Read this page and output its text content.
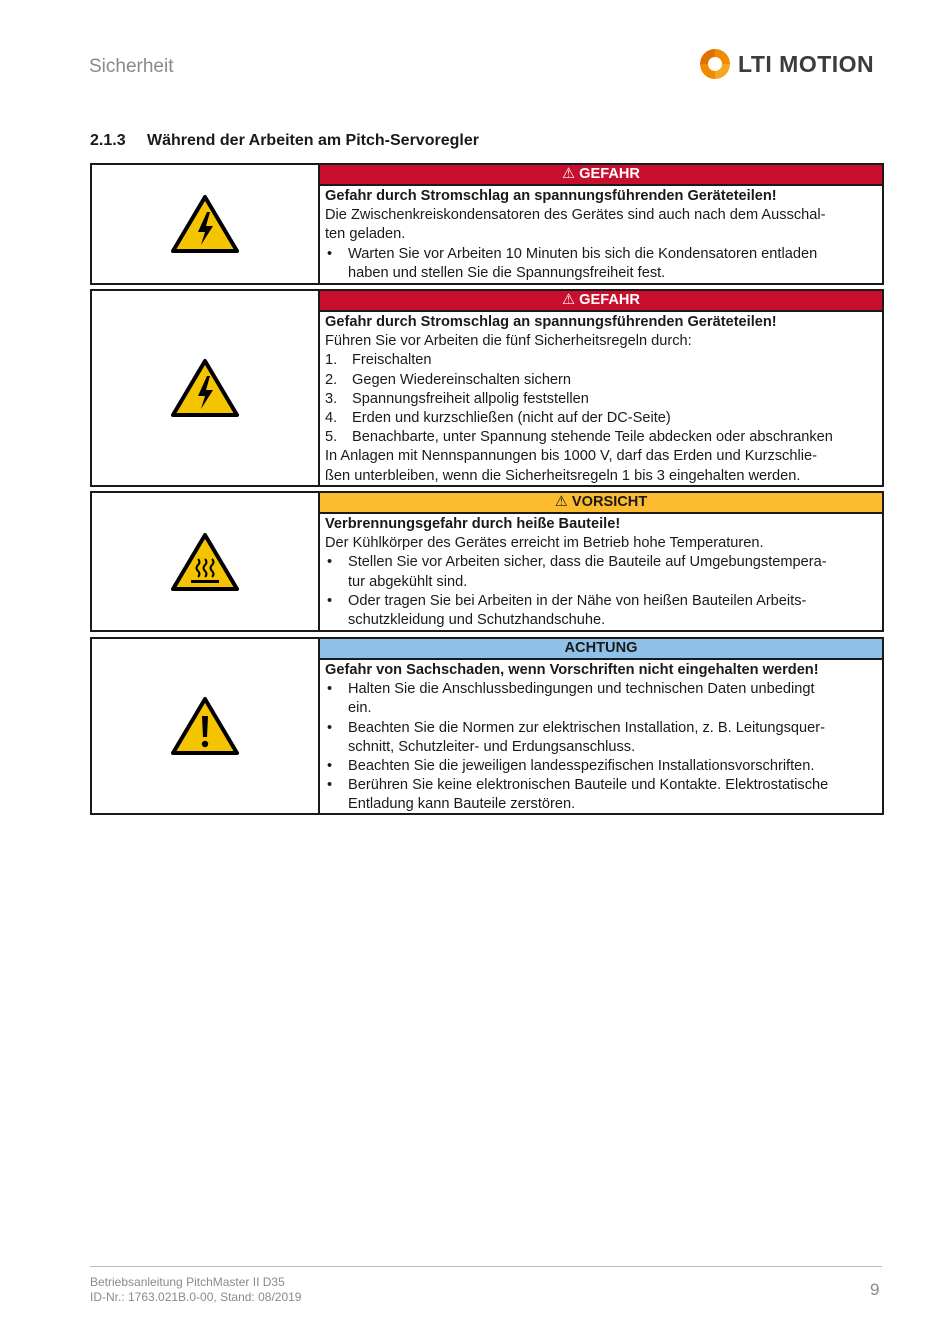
Sicherheit	LTI MOTION
2.1.3 Während der Arbeiten am Pitch-Servoregler
⚠ GEFAHR
Gefahr durch Stromschlag an spannungsführenden Geräteteilen!
Die Zwischenkreiskondensatoren des Gerätes sind auch nach dem Ausschal-
ten geladen.
• Warten Sie vor Arbeiten 10 Minuten bis sich die Kondensatoren entladen
haben und stellen Sie die Spannungsfreiheit fest.
⚠ GEFAHR
Gefahr durch Stromschlag an spannungsführenden Geräteteilen!
Führen Sie vor Arbeiten die fünf Sicherheitsregeln durch:
1.	Freischalten
2.	Gegen Wiedereinschalten sichern
3.	Spannungsfreiheit allpolig feststellen
4.	Erden und kurzschließen (nicht auf der DC-Seite)
5.	Benachbarte, unter Spannung stehende Teile abdecken oder abschranken
In Anlagen mit Nennspannungen bis 1000 V, darf das Erden und Kurzschlie-
ßen unterbleiben, wenn die Sicherheitsregeln 1 bis 3 eingehalten werden.
⚠ VORSICHT
Verbrennungsgefahr durch heiße Bauteile!
Der Kühlkörper des Gerätes erreicht im Betrieb hohe Temperaturen.
• Stellen Sie vor Arbeiten sicher, dass die Bauteile auf Umgebungstempera-
tur abgekühlt sind.
• Oder tragen Sie bei Arbeiten in der Nähe von heißen Bauteilen Arbeits-
schutzkleidung und Schutzhandschuhe.
ACHTUNG
Gefahr von Sachschaden, wenn Vorschriften nicht eingehalten werden!
• Halten Sie die Anschlussbedingungen und technischen Daten unbedingt
ein.
• Beachten Sie die Normen zur elektrischen Installation, z. B. Leitungsquer-
schnitt, Schutzleiter- und Erdungsanschluss.
• Beachten Sie die jeweiligen landesspezifischen Installationsvorschriften.
• Berühren Sie keine elektronischen Bauteile und Kontakte. Elektrostatische
Entladung kann Bauteile zerstören.
Betriebsanleitung PitchMaster II D35
ID-Nr.: 1763.021B.0-00, Stand: 08/2019	9
